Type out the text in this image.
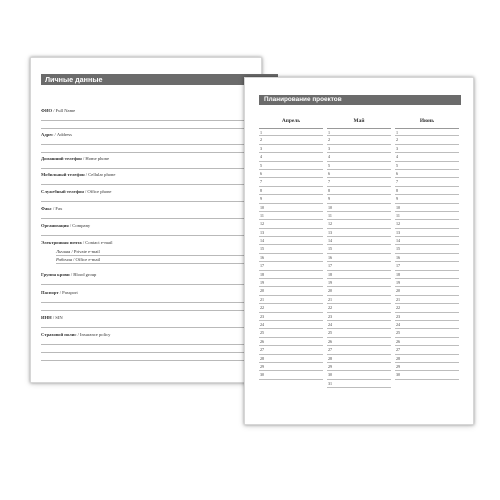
Личные данные
ФИО / Full Name
Адрес / Address
Домашний телефон / Home phone
Мобильный телефон / Cellular phone
Служебный телефон / Office phone
Факс / Fax
Организация / Company
Электронная почта / Contact e-mail
Личная / Private e-mail
Рабочая / Office e-mail
Группа крови / Blood group
Паспорт / Passport
ИНН / SIN
Страховой полис / Insurance policy
Планирование проектов
Апрель
1
2
3
4
5
6
7
8
9
10
11
12
13
14
15
16
17
18
19
20
21
22
23
24
25
26
27
28
29
30
Май
1
2
3
4
5
6
7
8
9
10
11
12
13
14
15
16
17
18
19
20
21
22
23
24
25
26
27
28
29
30
31
Июнь
1
2
3
4
5
6
7
8
9
10
11
12
13
14
15
16
17
18
19
20
21
22
23
24
25
26
27
28
29
30
